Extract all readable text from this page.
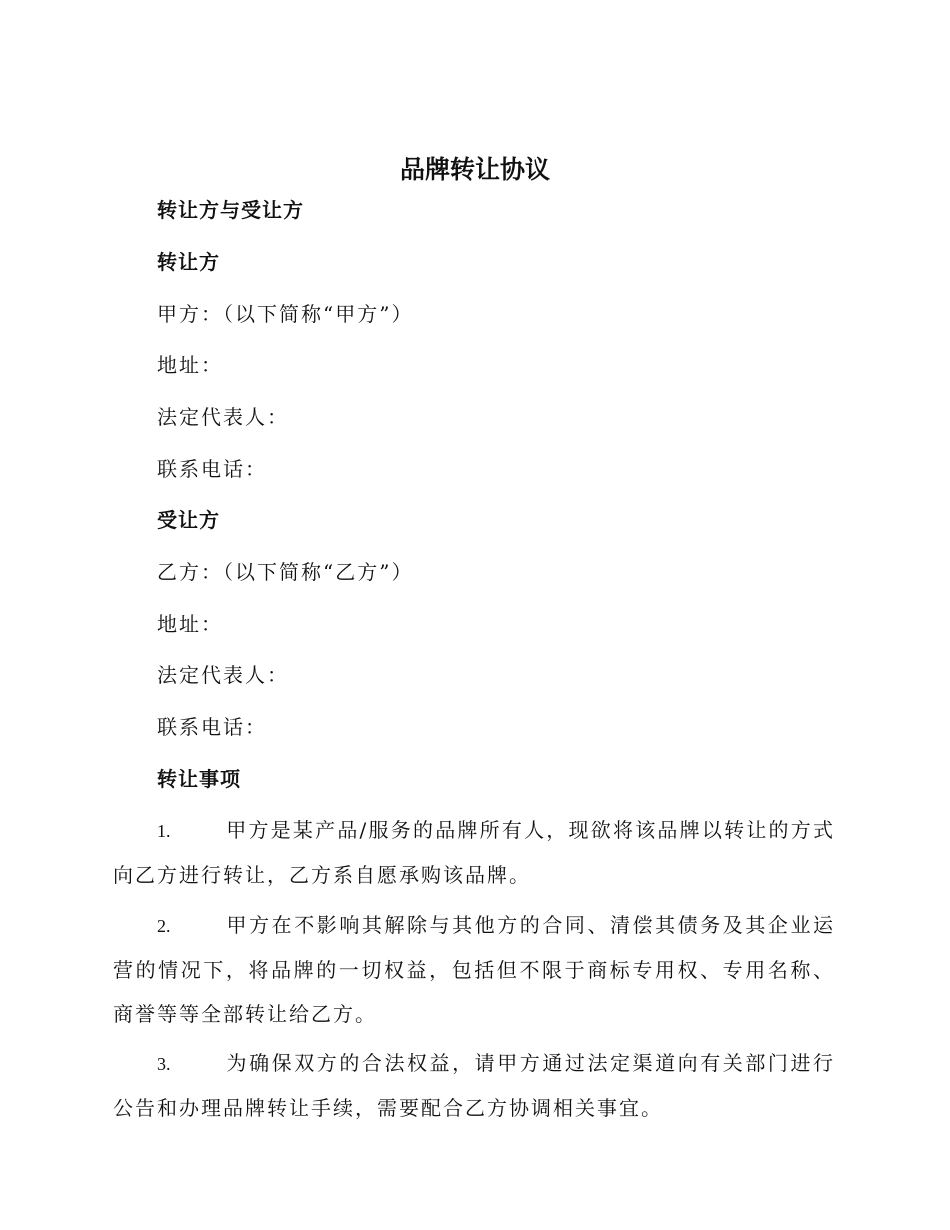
品牌转让协议
转让方与受让方
转让方
甲方：（以下简称“甲方”）
地址：
法定代表人：
联系电话：
受让方
乙方：（以下简称“乙方”）
地址：
法定代表人：
联系电话：
转让事项
1.	甲方是某产品/服务的品牌所有人，现欲将该品牌以转让的方式向乙方进行转让，乙方系自愿承购该品牌。
2.	甲方在不影响其解除与其他方的合同、清偿其债务及其企业运营的情况下，将品牌的一切权益，包括但不限于商标专用权、专用名称、商誉等等全部转让给乙方。
3.	为确保双方的合法权益，请甲方通过法定渠道向有关部门进行公告和办理品牌转让手续，需要配合乙方协调相关事宜。
